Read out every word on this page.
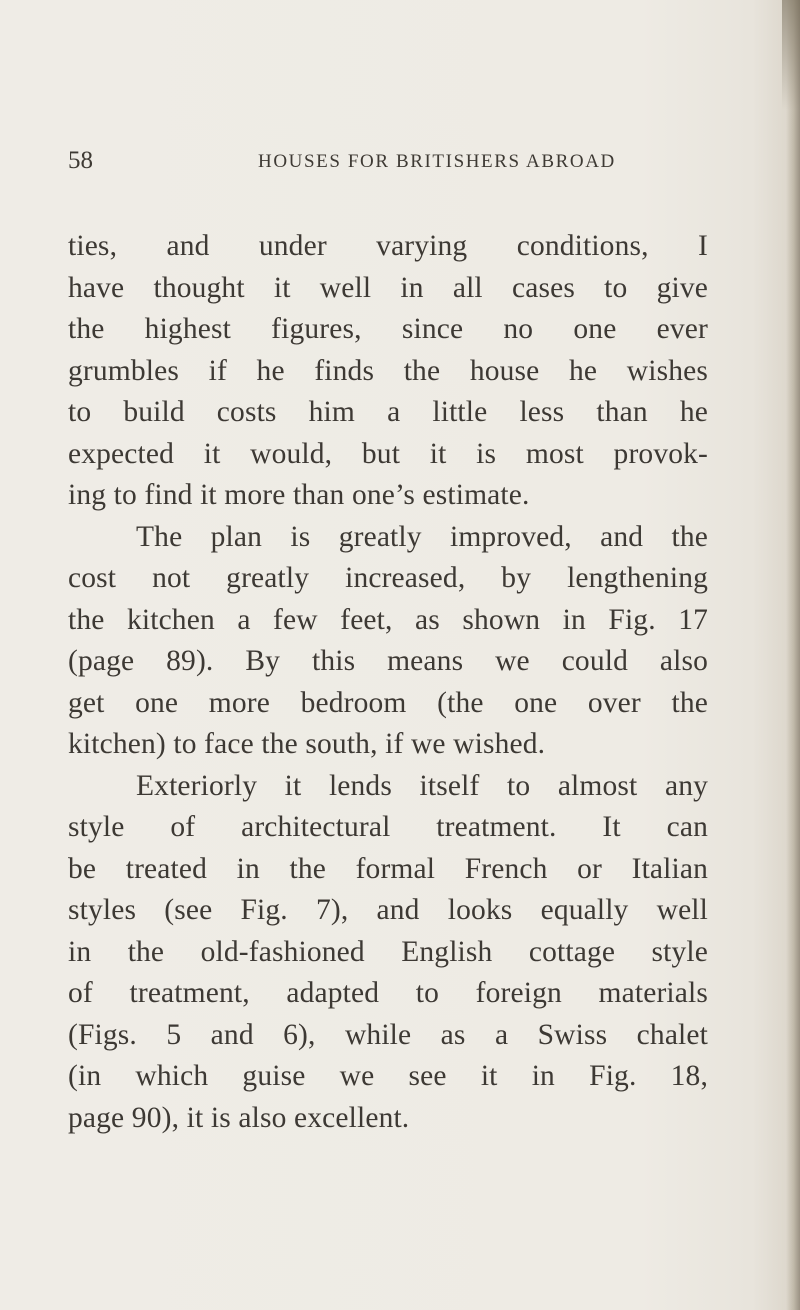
58	HOUSES FOR BRITISHERS ABROAD
ties, and under varying conditions, I
have thought it well in all cases to give
the highest figures, since no one ever
grumbles if he finds the house he wishes
to build costs him a little less than he
expected it would, but it is most provok-
ing to find it more than one’s estimate.
The plan is greatly improved, and the
cost not greatly increased, by lengthening
the kitchen a few feet, as shown in Fig. 17
(page 89). By this means we could also
get one more bedroom (the one over the
kitchen) to face the south, if we wished.
Exteriorly it lends itself to almost any
style of architectural treatment. It can
be treated in the formal French or Italian
styles (see Fig. 7), and looks equally well
in the old-fashioned English cottage style
of treatment, adapted to foreign materials
(Figs. 5 and 6), while as a Swiss chalet
(in which guise we see it in Fig. 18,
page 90), it is also excellent.
